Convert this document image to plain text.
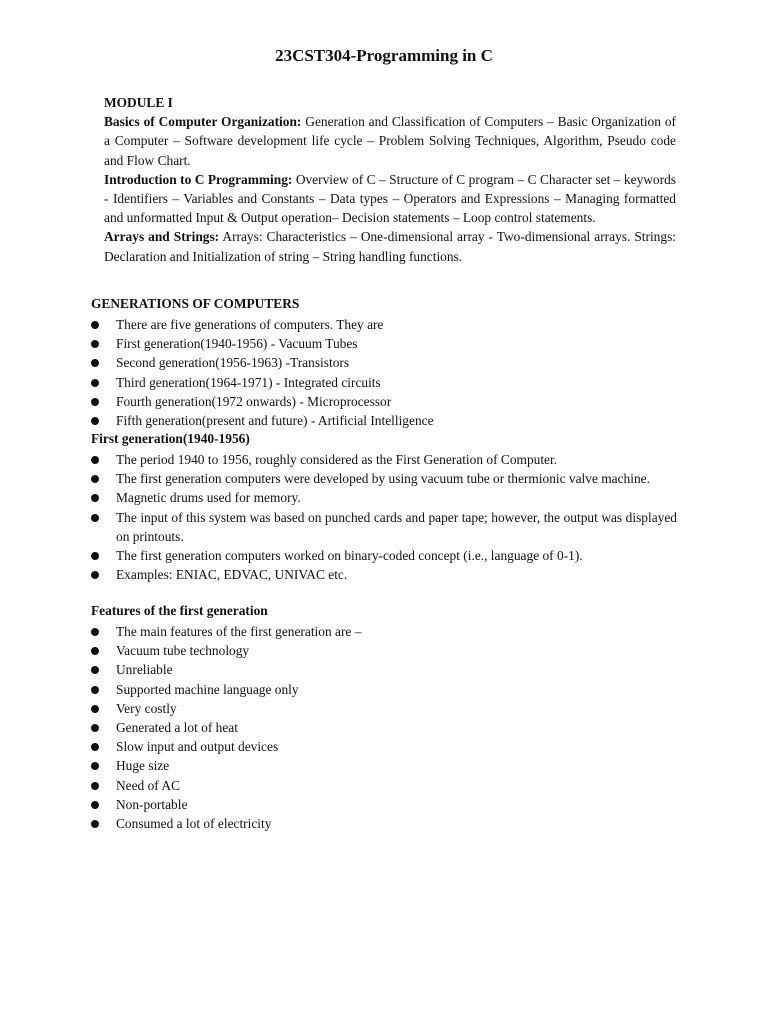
23CST304-Programming in C
MODULE I

Basics of Computer Organization: Generation and Classification of Computers – Basic Organization of a Computer – Software development life cycle – Problem Solving Techniques, Algorithm, Pseudo code and Flow Chart.

Introduction to C Programming: Overview of C – Structure of C program – C Character set – keywords - Identifiers – Variables and Constants – Data types – Operators and Expressions – Managing formatted and unformatted Input & Output operation– Decision statements – Loop control statements.

Arrays and Strings: Arrays: Characteristics – One-dimensional array - Two-dimensional arrays. Strings: Declaration and Initialization of string – String handling functions.

GENERATIONS OF COMPUTERS
There are five generations of computers. They are
First generation(1940-1956) - Vacuum Tubes
Second generation(1956-1963) -Transistors
Third generation(1964-1971) - Integrated circuits
Fourth generation(1972 onwards) - Microprocessor
Fifth generation(present and future) - Artificial Intelligence
First generation(1940-1956)
The period 1940 to 1956, roughly considered as the First Generation of Computer.
The first generation computers were developed by using vacuum tube or thermionic valve machine.
Magnetic drums used for memory.
The input of this system was based on punched cards and paper tape; however, the output was displayed on printouts.
The first generation computers worked on binary-coded concept (i.e., language of 0-1).
Examples: ENIAC, EDVAC, UNIVAC etc.
Features of the first generation
The main features of the first generation are –
Vacuum tube technology
Unreliable
Supported machine language only
Very costly
Generated a lot of heat
Slow input and output devices
Huge size
Need of AC
Non-portable
Consumed a lot of electricity
